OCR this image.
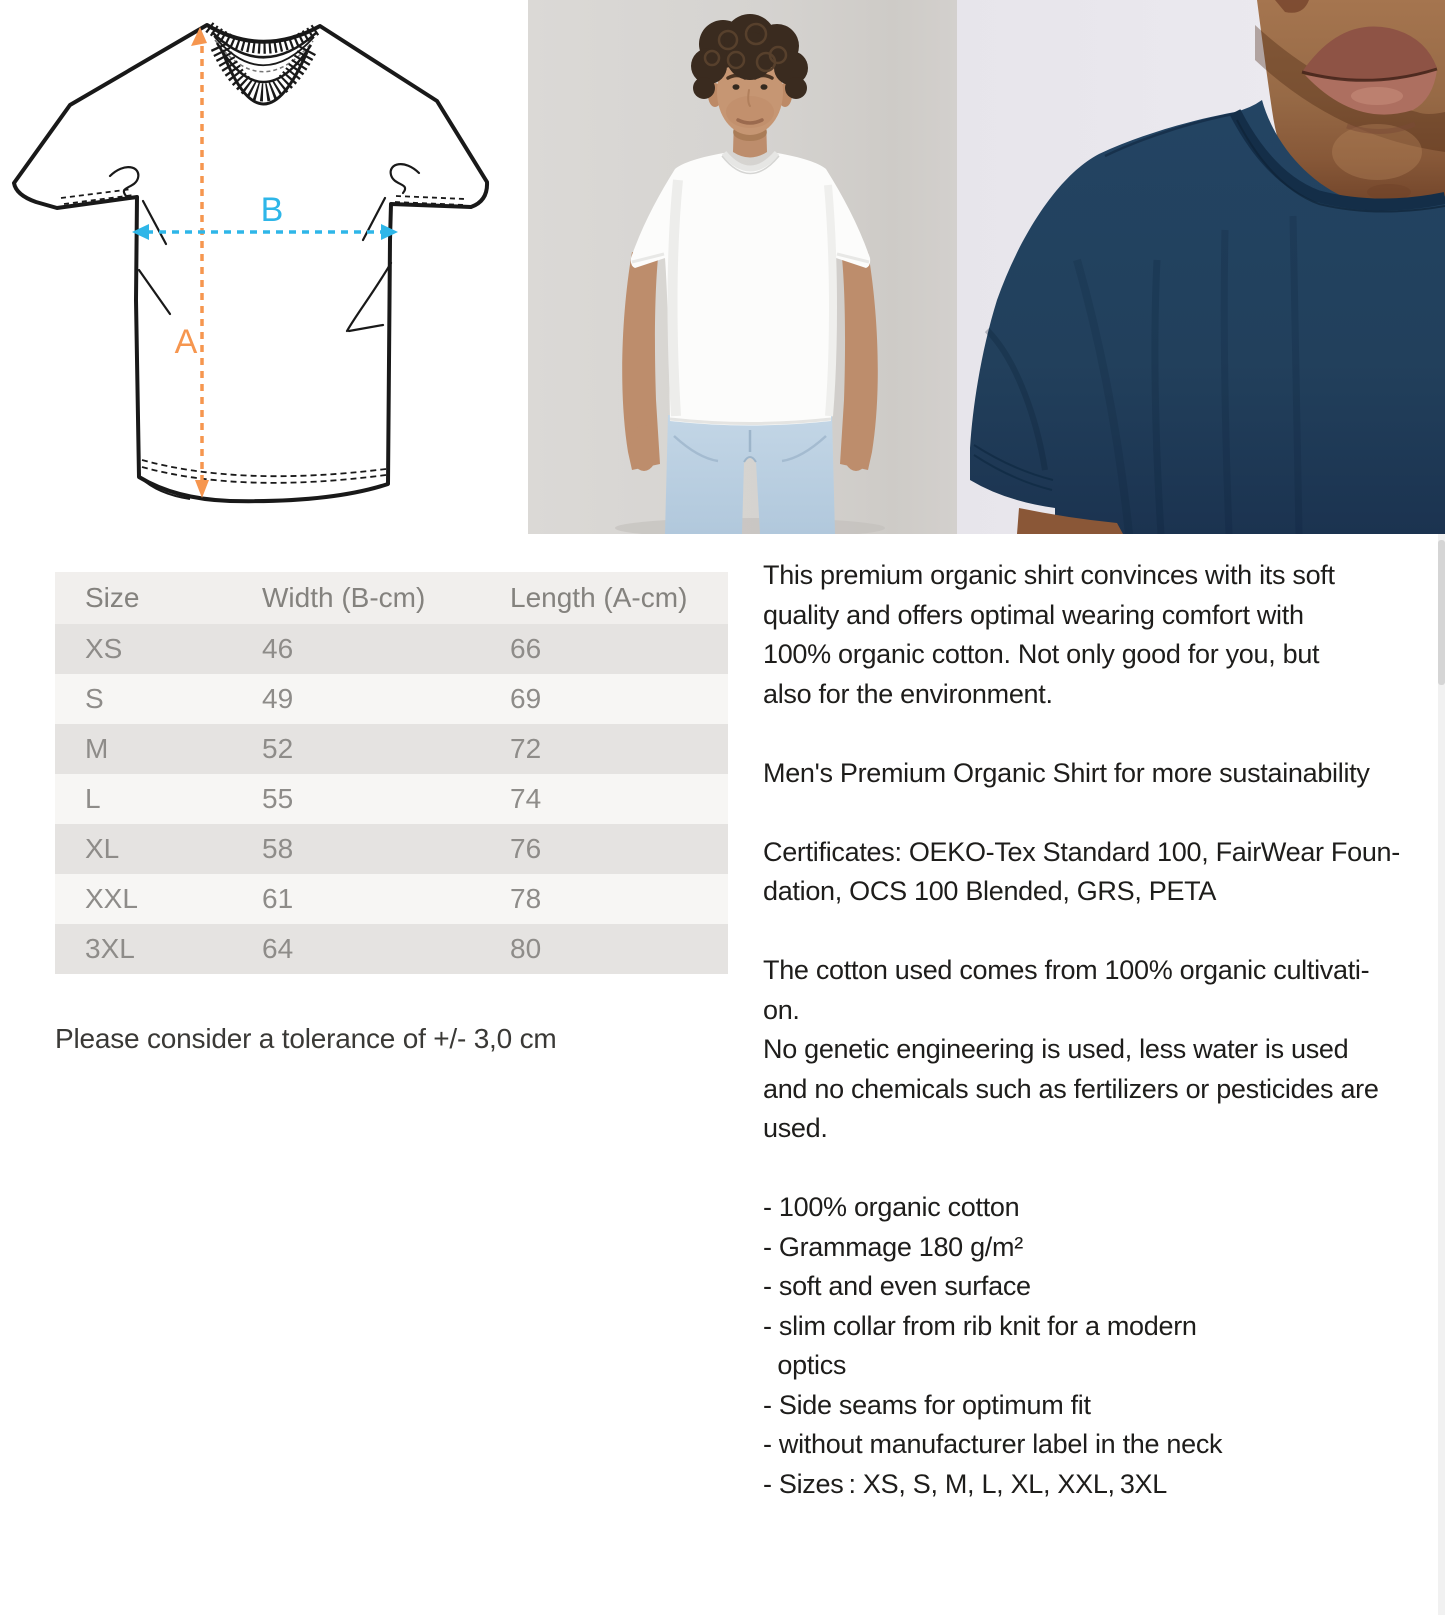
A
B
Size	Width (B-cm)	Length (A-cm)
XS	46	66
S	49	69
M	52	72
L	55	74
XL	58	76
XXL	61	78
3XL	64	80
Please consider a tolerance of +/- 3,0 cm
This premium organic shirt convinces with its soft
quality and offers optimal wearing comfort with
100% organic cotton. Not only good for you, but
also for the environment.
Men's Premium Organic Shirt for more sustainability
Certificates: OEKO-Tex Standard 100, FairWear Foun-
dation, OCS 100 Blended, GRS, PETA
The cotton used comes from 100% organic cultivati-
on.
No genetic engineering is used, less water is used
and no chemicals such as fertilizers or pesticides are
used.
- 100% organic cotton
- Grammage 180 g/m²
- soft and even surface
- slim collar from rib knit for a modern
optics
- Side seams for optimum fit
- without manufacturer label in the neck
- Sizes : XS, S, M, L, XL, XXL, 3XL
